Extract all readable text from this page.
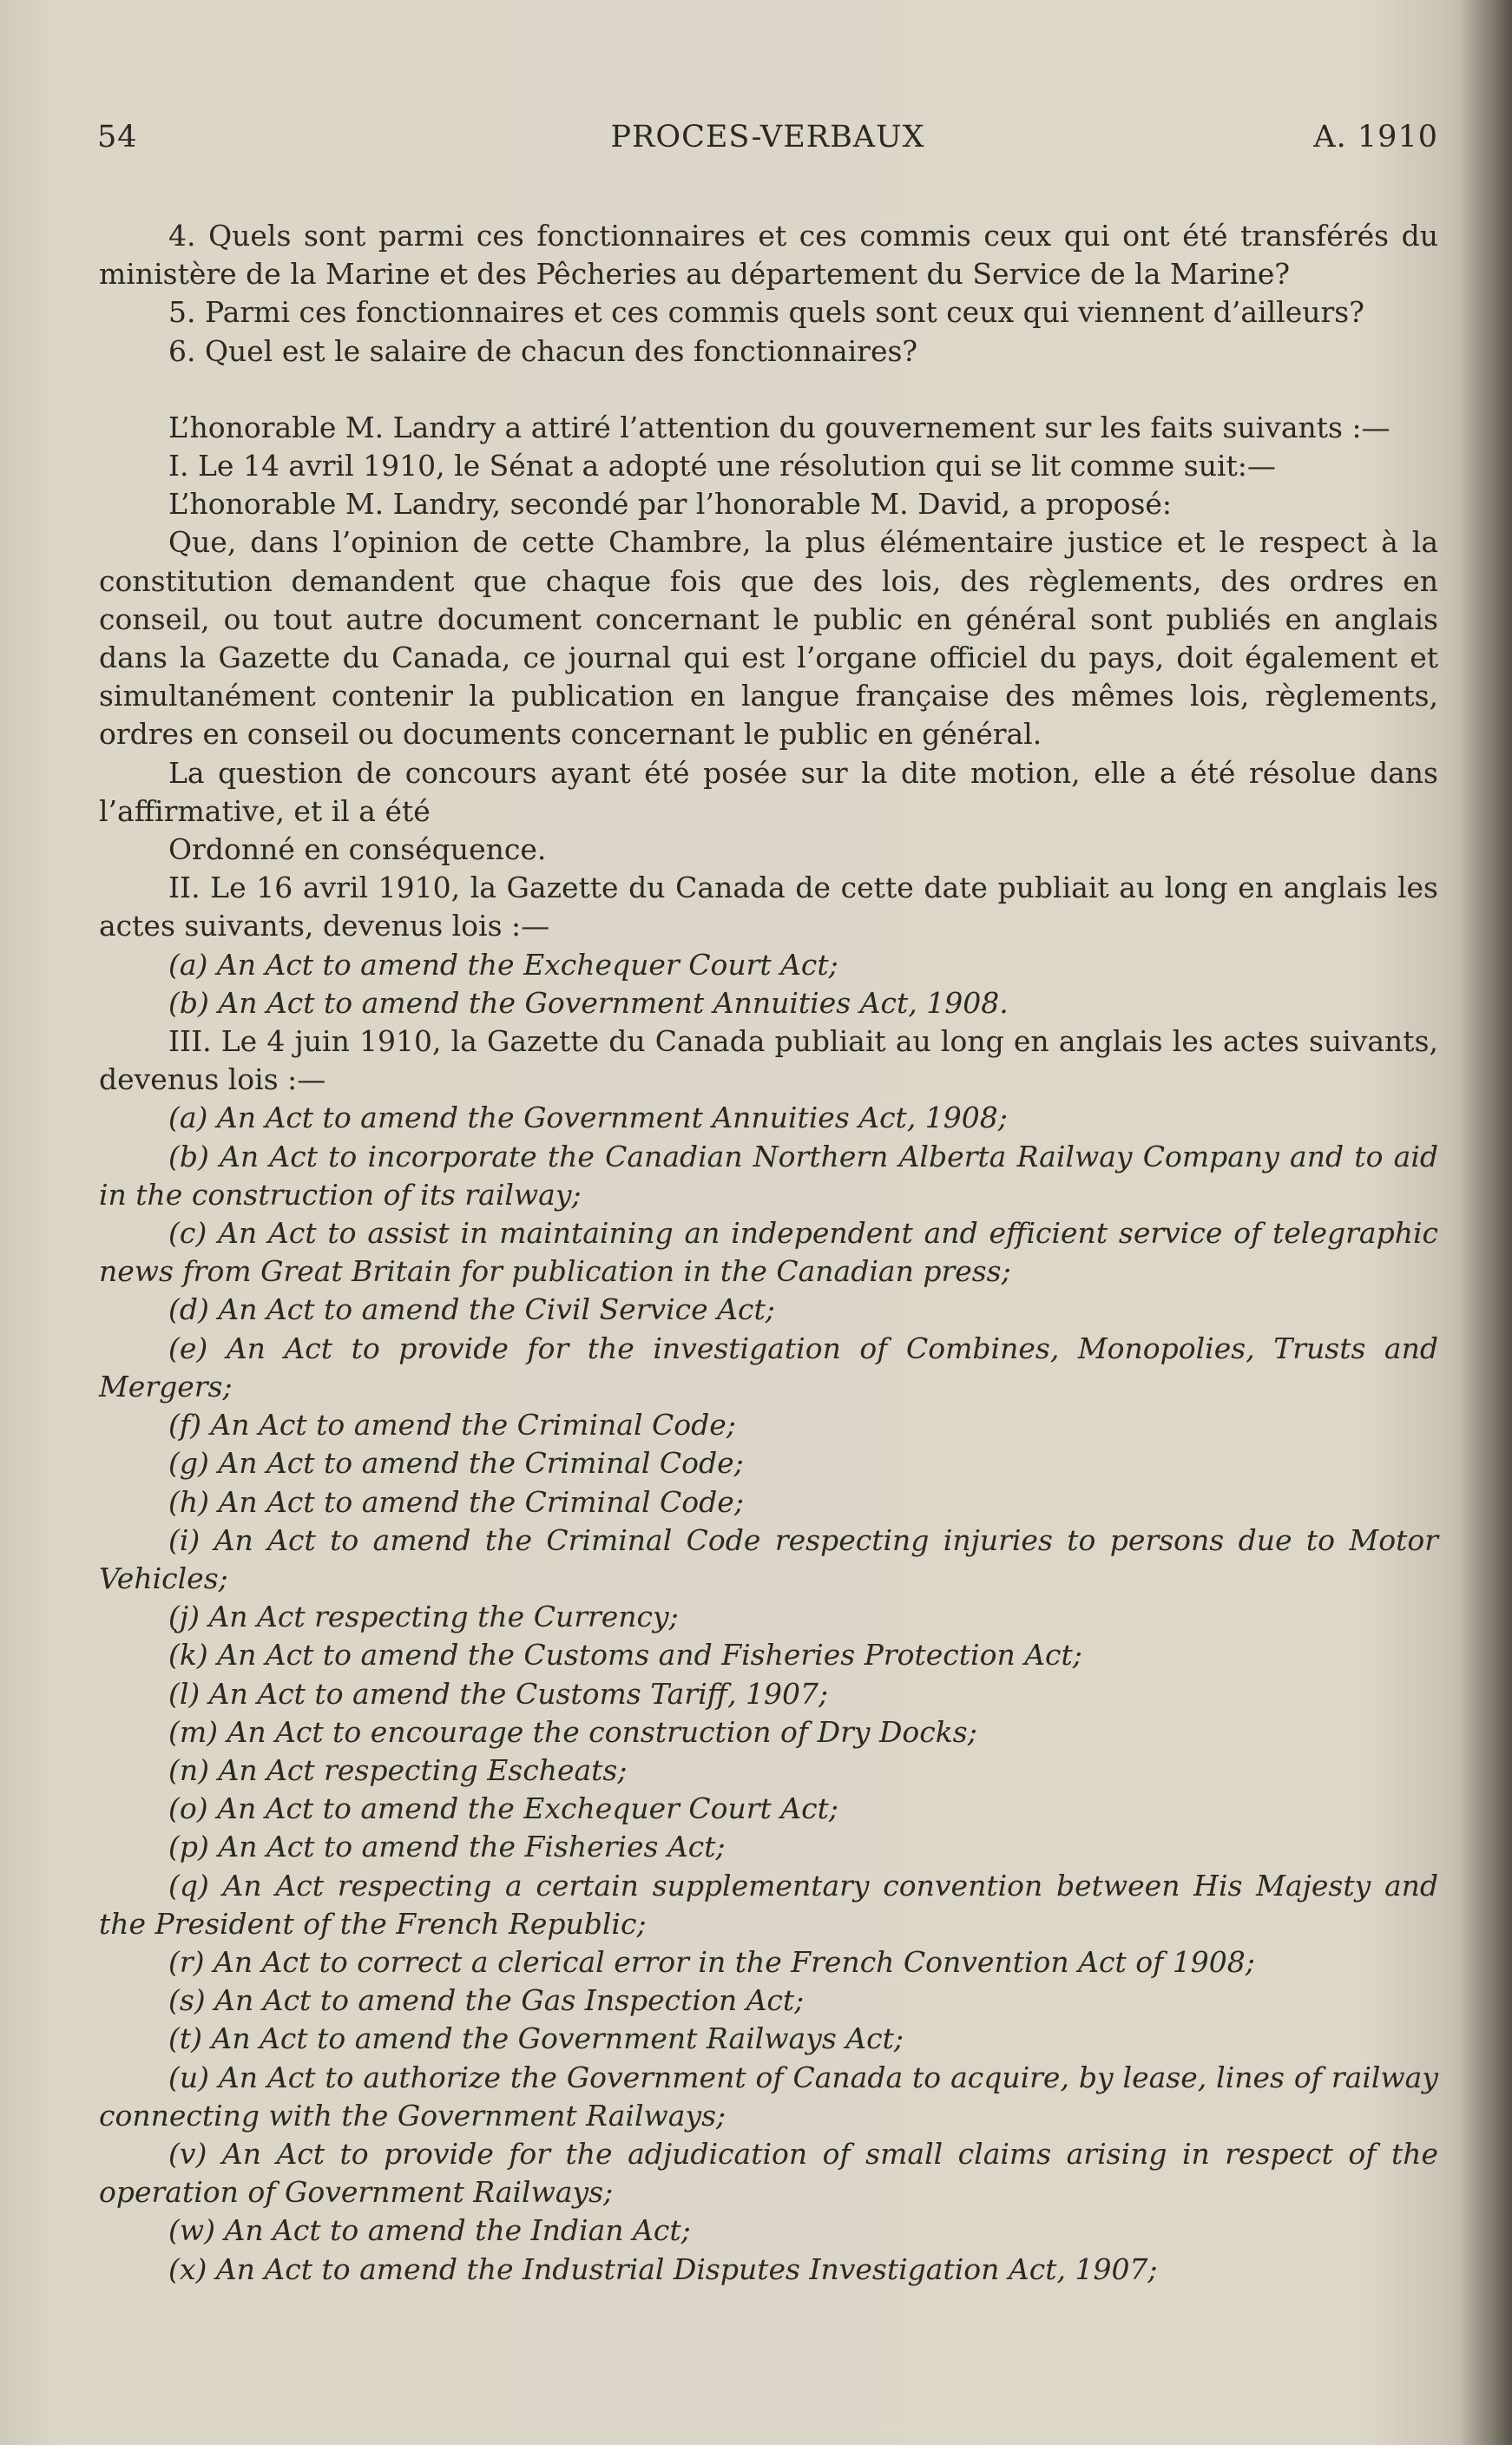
54	PROCES-VERBAUX	A. 1910

4. Quels sont parmi ces fonctionnaires et ces commis ceux qui ont été transférés du ministère de la Marine et des Pêcheries au département du Service de la Marine?

5. Parmi ces fonctionnaires et ces commis quels sont ceux qui viennent d’ailleurs?

6. Quel est le salaire de chacun des fonctionnaires?

L’honorable M. Landry a attiré l’attention du gouvernement sur les faits suivants :—

I. Le 14 avril 1910, le Sénat a adopté une résolution qui se lit comme suit:—

L’honorable M. Landry, secondé par l’honorable M. David, a proposé:

Que, dans l’opinion de cette Chambre, la plus élémentaire justice et le respect à la constitution demandent que chaque fois que des lois, des règlements, des ordres en conseil, ou tout autre document concernant le public en général sont publiés en anglais dans la Gazette du Canada, ce journal qui est l’organe officiel du pays, doit également et simultanément contenir la publication en langue française des mêmes lois, règlements, ordres en conseil ou documents concernant le public en général.

La question de concours ayant été posée sur la dite motion, elle a été résolue dans l’affirmative, et il a été

Ordonné en conséquence.

II. Le 16 avril 1910, la Gazette du Canada de cette date publiait au long en anglais les actes suivants, devenus lois :—

(a) An Act to amend the Exchequer Court Act;

(b) An Act to amend the Government Annuities Act, 1908.

III. Le 4 juin 1910, la Gazette du Canada publiait au long en anglais les actes suivants, devenus lois :—

(a) An Act to amend the Government Annuities Act, 1908;

(b) An Act to incorporate the Canadian Northern Alberta Railway Company and to aid in the construction of its railway;

(c) An Act to assist in maintaining an independent and efficient service of telegraphic news from Great Britain for publication in the Canadian press;

(d) An Act to amend the Civil Service Act;

(e) An Act to provide for the investigation of Combines, Monopolies, Trusts and Mergers;

(f) An Act to amend the Criminal Code;

(g) An Act to amend the Criminal Code;

(h) An Act to amend the Criminal Code;

(i) An Act to amend the Criminal Code respecting injuries to persons due to Motor Vehicles;

(j) An Act respecting the Currency;

(k) An Act to amend the Customs and Fisheries Protection Act;

(l) An Act to amend the Customs Tariff, 1907;

(m) An Act to encourage the construction of Dry Docks;

(n) An Act respecting Escheats;

(o) An Act to amend the Exchequer Court Act;

(p) An Act to amend the Fisheries Act;

(q) An Act respecting a certain supplementary convention between His Majesty and the President of the French Republic;

(r) An Act to correct a clerical error in the French Convention Act of 1908;

(s) An Act to amend the Gas Inspection Act;

(t) An Act to amend the Government Railways Act;

(u) An Act to authorize the Government of Canada to acquire, by lease, lines of railway connecting with the Government Railways;

(v) An Act to provide for the adjudication of small claims arising in respect of the operation of Government Railways;

(w) An Act to amend the Indian Act;

(x) An Act to amend the Industrial Disputes Investigation Act, 1907;
